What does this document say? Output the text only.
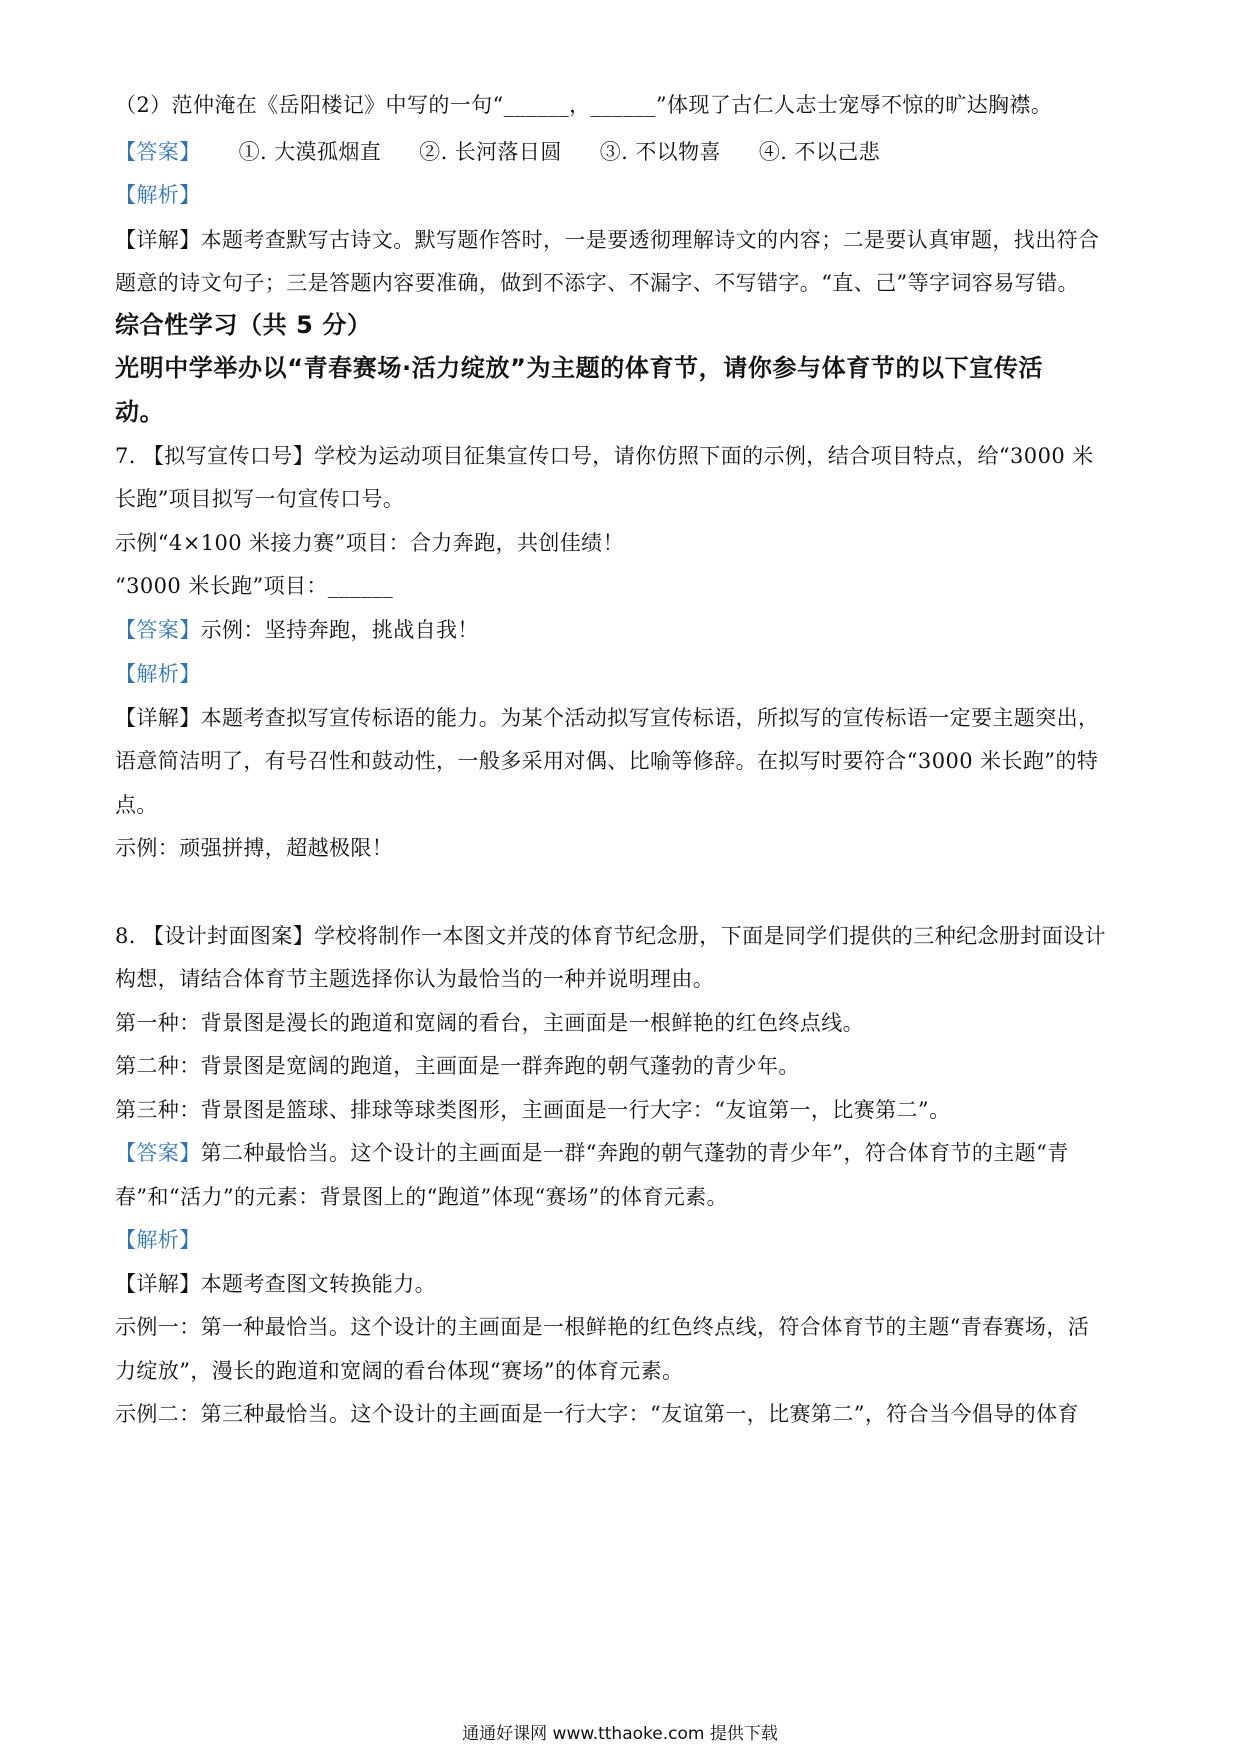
（2）范仲淹在《岳阳楼记》中写的一句“______，______”体现了古仁人志士宠辱不惊的旷达胸襟。
【答案】 ①. 大漠孤烟直 ②. 长河落日圆 ③. 不以物喜 ④. 不以己悲
【解析】
【详解】本题考查默写古诗文。默写题作答时，一是要透彻理解诗文的内容；二是要认真审题，找出符合
题意的诗文句子；三是答题内容要准确，做到不添字、不漏字、不写错字。“直、己”等字词容易写错。
综合性学习（共 5 分）
光明中学举办以“青春赛场·活力绽放”为主题的体育节，请你参与体育节的以下宣传活
动。
7. 【拟写宣传口号】学校为运动项目征集宣传口号，请你仿照下面的示例，结合项目特点，给“3000 米
长跑”项目拟写一句宣传口号。
示例“4×100 米接力赛”项目：合力奔跑，共创佳绩！
“3000 米长跑”项目：______
【答案】示例：坚持奔跑，挑战自我！
【解析】
【详解】本题考查拟写宣传标语的能力。为某个活动拟写宣传标语，所拟写的宣传标语一定要主题突出，
语意简洁明了，有号召性和鼓动性，一般多采用对偶、比喻等修辞。在拟写时要符合“3000 米长跑”的特
点。
示例：顽强拼搏，超越极限！
8. 【设计封面图案】学校将制作一本图文并茂的体育节纪念册，下面是同学们提供的三种纪念册封面设计
构想，请结合体育节主题选择你认为最恰当的一种并说明理由。
第一种：背景图是漫长的跑道和宽阔的看台，主画面是一根鲜艳的红色终点线。
第二种：背景图是宽阔的跑道，主画面是一群奔跑的朝气蓬勃的青少年。
第三种：背景图是篮球、排球等球类图形，主画面是一行大字：“友谊第一，比赛第二”。
【答案】第二种最恰当。这个设计的主画面是一群“奔跑的朝气蓬勃的青少年”，符合体育节的主题“青
春”和“活力”的元素：背景图上的“跑道”体现“赛场”的体育元素。
【解析】
【详解】本题考查图文转换能力。
示例一：第一种最恰当。这个设计的主画面是一根鲜艳的红色终点线，符合体育节的主题“青春赛场，活
力绽放”，漫长的跑道和宽阔的看台体现“赛场”的体育元素。
示例二：第三种最恰当。这个设计的主画面是一行大字：“友谊第一，比赛第二”，符合当今倡导的体育
通通好课网 www.tthaoke.com 提供下载
